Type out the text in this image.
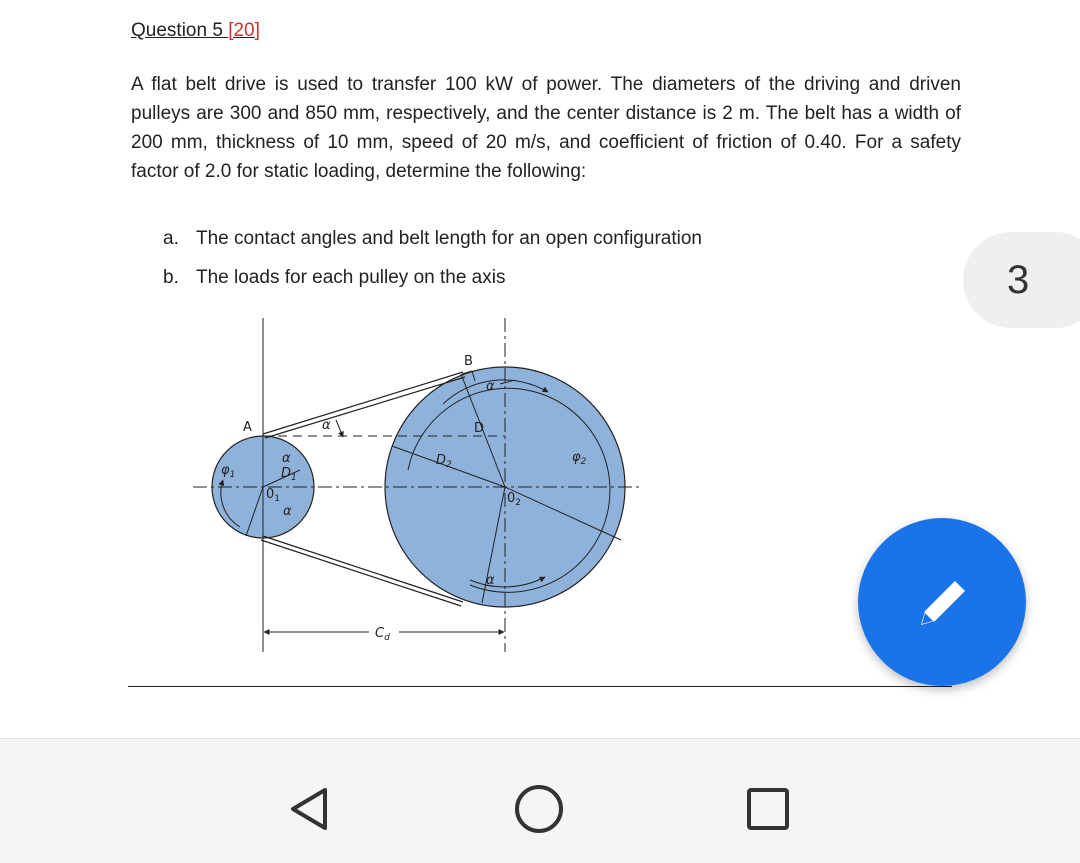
Question 5 [20]

A flat belt drive is used to transfer 100 kW of power. The diameters of the driving and driven pulleys are 300 and 850 mm, respectively, and the center distance is 2 m. The belt has a width of 200 mm, thickness of 10 mm, speed of 20 m/s, and coefficient of friction of 0.40. For a safety factor of 2.0 for static loading, determine the following:

a. The contact angles and belt length for an open configuration
b. The loads for each pulley on the axis
B
A	D
α
α
α
α
α
$\varphi_2$
$\varphi_1$
$D_2$
$D_1$
$0_1$	$0_2$
$C_d$
3
